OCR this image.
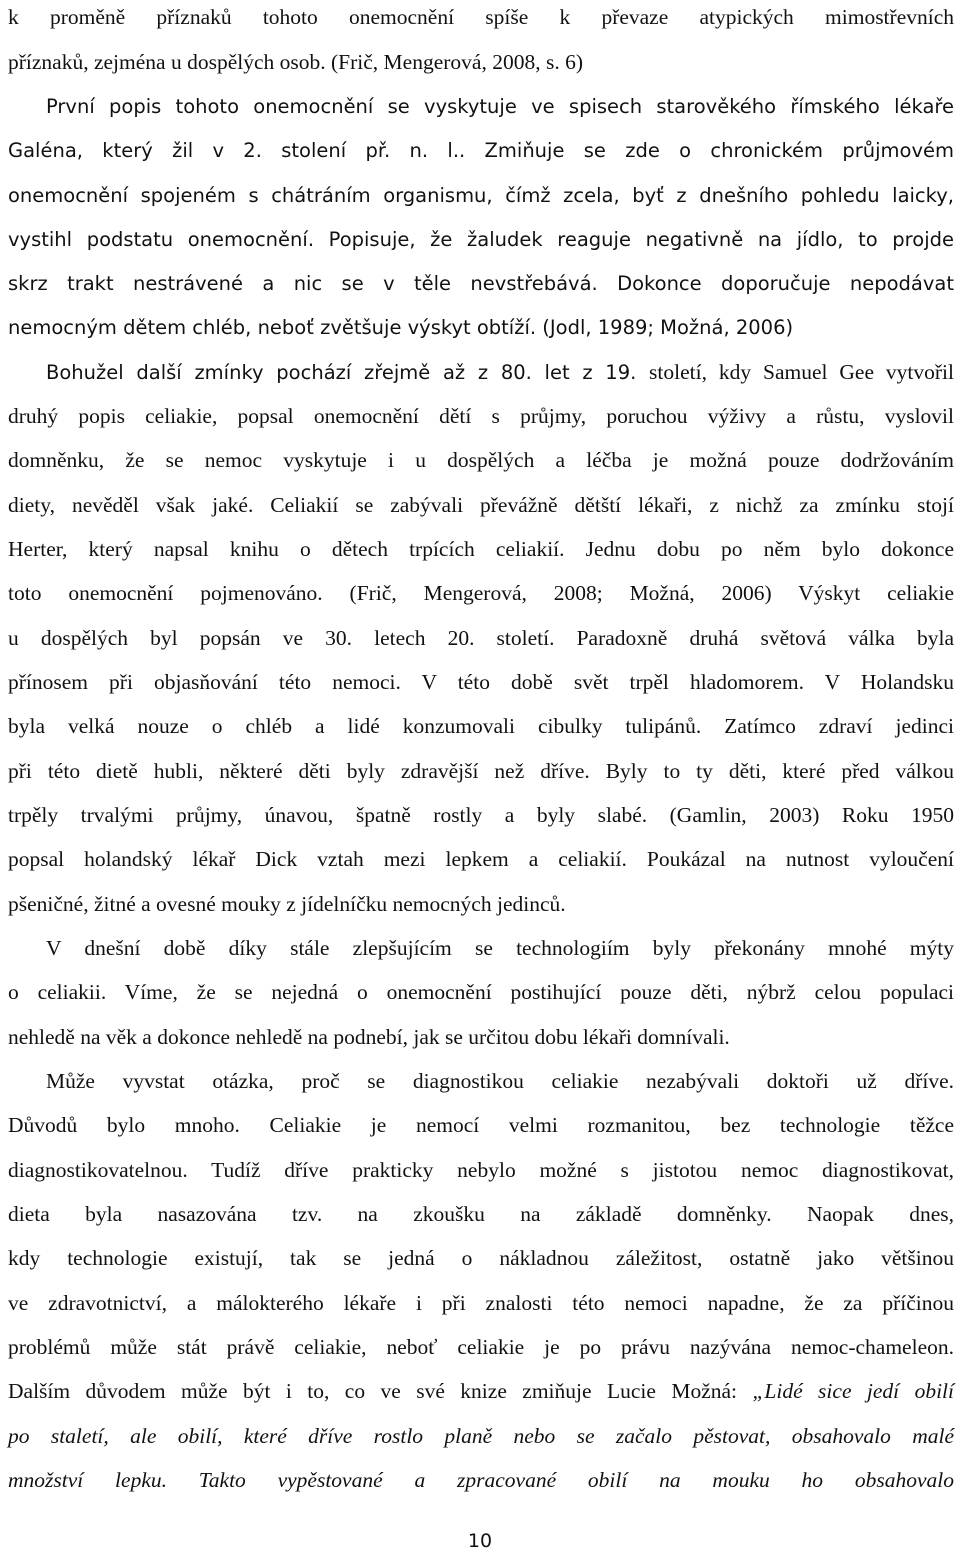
k proměně příznaků tohoto onemocnění spíše k převaze atypických mimostřevních
příznaků, zejména u dospělých osob. (Frič, Mengerová, 2008, s. 6)
První popis tohoto onemocnění se vyskytuje ve spisech starověkého římského lékaře
Galéna, který žil v 2. stolení př. n. l.. Zmiňuje se zde o chronickém průjmovém
onemocnění spojeném s chátráním organismu, čímž zcela, byť z dnešního pohledu laicky,
vystihl podstatu onemocnění. Popisuje, že žaludek reaguje negativně na jídlo, to projde
skrz trakt nestrávené a nic se v těle nevstřebává. Dokonce doporučuje nepodávat
nemocným dětem chléb, neboť zvětšuje výskyt obtíží. (Jodl, 1989; Možná, 2006)
Bohužel další zmínky pochází zřejmě až z 80. let z 19. století, kdy Samuel Gee vytvořil
druhý popis celiakie, popsal onemocnění dětí s průjmy, poruchou výživy a růstu, vyslovil
domněnku, že se nemoc vyskytuje i u dospělých a léčba je možná pouze dodržováním
diety, nevěděl však jaké. Celiakií se zabývali převážně dětští lékaři, z nichž za zmínku stojí
Herter, který napsal knihu o dětech trpících celiakií. Jednu dobu po něm bylo dokonce
toto onemocnění pojmenováno. (Frič, Mengerová, 2008; Možná, 2006) Výskyt celiakie
u dospělých byl popsán ve 30. letech 20. století. Paradoxně druhá světová válka byla
přínosem při objasňování této nemoci. V této době svět trpěl hladomorem. V Holandsku
byla velká nouze o chléb a lidé konzumovali cibulky tulipánů. Zatímco zdraví jedinci
při této dietě hubli, některé děti byly zdravější než dříve. Byly to ty děti, které před válkou
trpěly trvalými průjmy, únavou, špatně rostly a byly slabé. (Gamlin, 2003) Roku 1950
popsal holandský lékař Dick vztah mezi lepkem a celiakií. Poukázal na nutnost vyloučení
pšeničné, žitné a ovesné mouky z jídelníčku nemocných jedinců.
V dnešní době díky stále zlepšujícím se technologiím byly překonány mnohé mýty
o celiakii. Víme, že se nejedná o onemocnění postihující pouze děti, nýbrž celou populaci
nehledě na věk a dokonce nehledě na podnebí, jak se určitou dobu lékaři domnívali.
Může vyvstat otázka, proč se diagnostikou celiakie nezabývali doktoři už dříve.
Důvodů bylo mnoho. Celiakie je nemocí velmi rozmanitou, bez technologie těžce
diagnostikovatelnou. Tudíž dříve prakticky nebylo možné s jistotou nemoc diagnostikovat,
dieta byla nasazována tzv. na zkoušku na základě domněnky. Naopak dnes,
kdy technologie existují, tak se jedná o nákladnou záležitost, ostatně jako většinou
ve zdravotnictví, a málokterého lékaře i při znalosti této nemoci napadne, že za příčinou
problémů může stát právě celiakie, neboť celiakie je po právu nazývána nemoc-chameleon.
Dalším důvodem může být i to, co ve své knize zmiňuje Lucie Možná: „Lidé sice jedí obilí
po staletí, ale obilí, které dříve rostlo planě nebo se začalo pěstovat, obsahovalo malé
množství lepku. Takto vypěstované a zpracované obilí na mouku ho obsahovalo
10
